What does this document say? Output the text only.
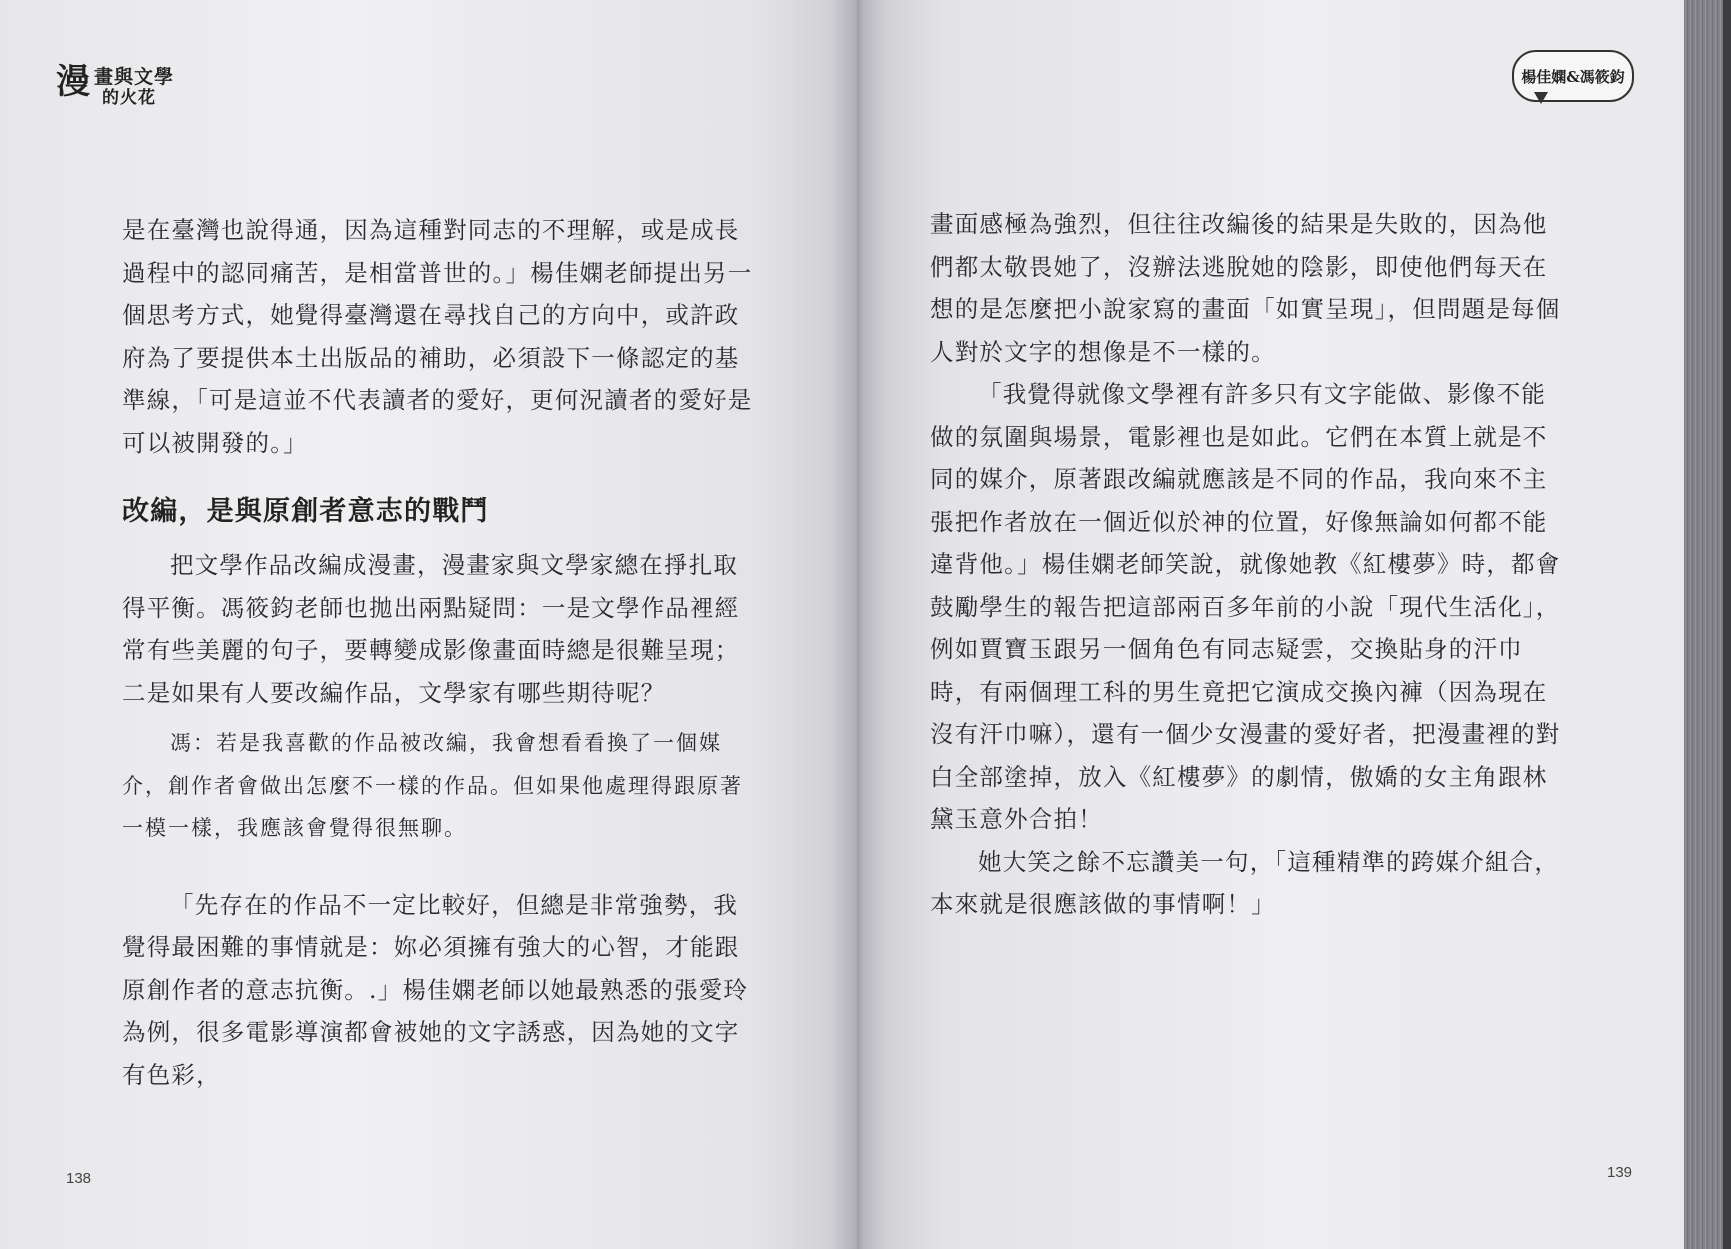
漫 畫與文學
的火花
楊佳嫻&馮筱鈞

是在臺灣也說得通，因為這種對同志的不理解，或是成長過程中的認同痛苦，是相當普世的。」楊佳嫻老師提出另一個思考方式，她覺得臺灣還在尋找自己的方向中，或許政府為了要提供本土出版品的補助，必須設下一條認定的基準線，「可是這並不代表讀者的愛好，更何況讀者的愛好是可以被開發的。」

改編，是與原創者意志的戰鬥

把文學作品改編成漫畫，漫畫家與文學家總在掙扎取得平衡。馮筱鈞老師也拋出兩點疑問：一是文學作品裡經常有些美麗的句子，要轉變成影像畫面時總是很難呈現；二是如果有人要改編作品，文學家有哪些期待呢？

馮：若是我喜歡的作品被改編，我會想看看換了一個媒介，創作者會做出怎麼不一樣的作品。但如果他處理得跟原著一模一樣，我應該會覺得很無聊。

「先存在的作品不一定比較好，但總是非常強勢，我覺得最困難的事情就是：妳必須擁有強大的心智，才能跟原創作者的意志抗衡。.」楊佳嫻老師以她最熟悉的張愛玲為例，很多電影導演都會被她的文字誘惑，因為她的文字有色彩，

畫面感極為強烈，但往往改編後的結果是失敗的，因為他們都太敬畏她了，沒辦法逃脫她的陰影，即使他們每天在想的是怎麼把小說家寫的畫面「如實呈現」，但問題是每個人對於文字的想像是不一樣的。

「我覺得就像文學裡有許多只有文字能做、影像不能做的氛圍與場景，電影裡也是如此。它們在本質上就是不同的媒介，原著跟改編就應該是不同的作品，我向來不主張把作者放在一個近似於神的位置，好像無論如何都不能違背他。」楊佳嫻老師笑說，就像她教《紅樓夢》時，都會鼓勵學生的報告把這部兩百多年前的小說「現代生活化」，例如賈寶玉跟另一個角色有同志疑雲，交換貼身的汗巾時，有兩個理工科的男生竟把它演成交換內褲（因為現在沒有汗巾嘛），還有一個少女漫畫的愛好者，把漫畫裡的對白全部塗掉，放入《紅樓夢》的劇情，傲嬌的女主角跟林黛玉意外合拍！

她大笑之餘不忘讚美一句，「這種精準的跨媒介組合，本來就是很應該做的事情啊！」

138	139
